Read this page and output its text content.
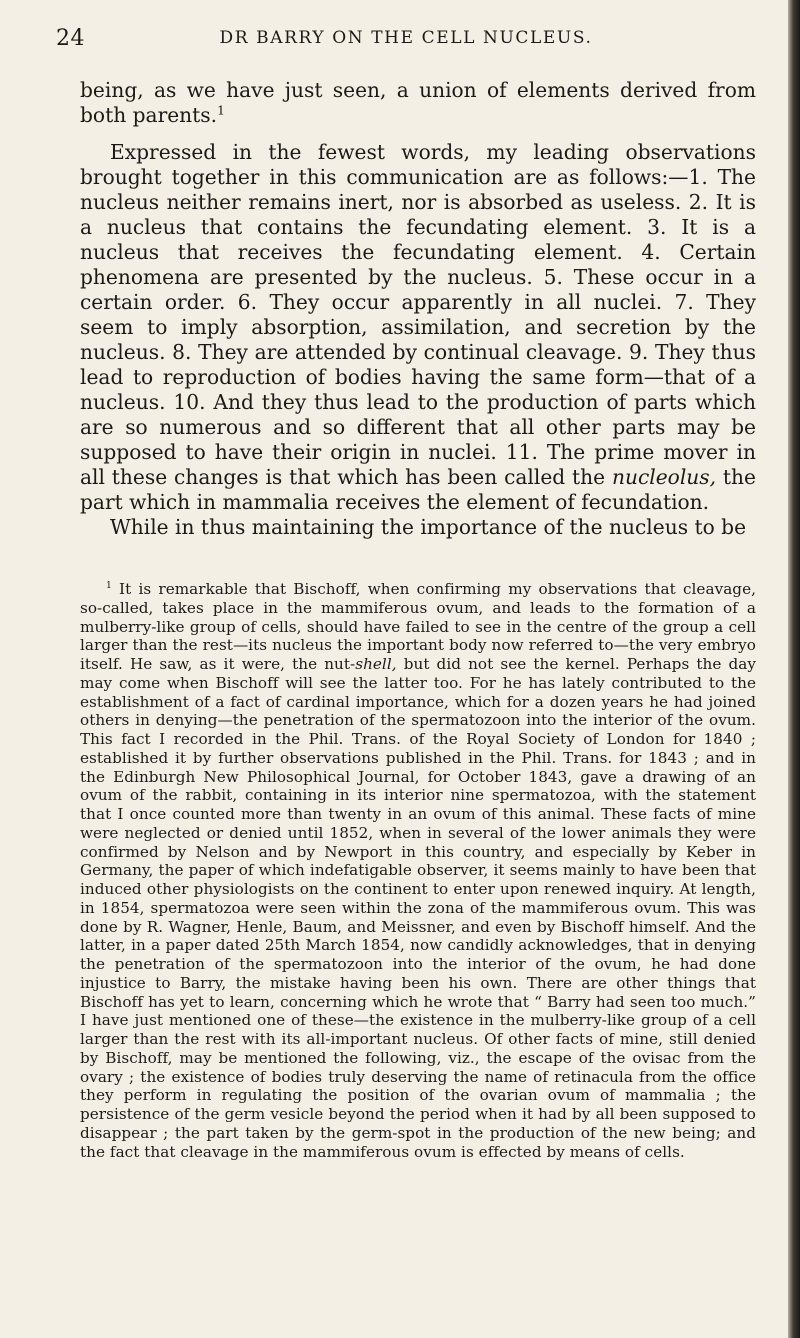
24	DR BARRY ON THE CELL NUCLEUS.

being, as we have just seen, a union of elements derived from both parents.$^1$

Expressed in the fewest words, my leading observations brought together in this communication are as follows:—1. The nucleus neither remains inert, nor is absorbed as useless. 2. It is a nucleus that contains the fecundating element. 3. It is a nucleus that receives the fecundating element. 4. Certain phenomena are presented by the nucleus. 5. These occur in a certain order. 6. They occur apparently in all nuclei. 7. They seem to imply absorption, assimilation, and secretion by the nucleus. 8. They are attended by continual cleavage. 9. They thus lead to reproduction of bodies having the same form—that of a nucleus. 10. And they thus lead to the production of parts which are so numerous and so different that all other parts may be supposed to have their origin in nuclei. 11. The prime mover in all these changes is that which has been called the nucleolus, the part which in mammalia receives the element of fecundation.

While in thus maintaining the importance of the nucleus to be

$^1$ It is remarkable that Bischoff, when confirming my observations that cleavage, so-called, takes place in the mammiferous ovum, and leads to the formation of a mulberry-like group of cells, should have failed to see in the centre of the group a cell larger than the rest—its nucleus the important body now referred to—the very embryo itself. He saw, as it were, the nut-shell, but did not see the kernel. Perhaps the day may come when Bischoff will see the latter too. For he has lately contributed to the establishment of a fact of cardinal importance, which for a dozen years he had joined others in denying—the penetration of the spermatozoon into the interior of the ovum. This fact I recorded in the Phil. Trans. of the Royal Society of London for 1840 ; established it by further observations published in the Phil. Trans. for 1843 ; and in the Edinburgh New Philosophical Journal, for October 1843, gave a drawing of an ovum of the rabbit, containing in its interior nine spermatozoa, with the statement that I once counted more than twenty in an ovum of this animal. These facts of mine were neglected or denied until 1852, when in several of the lower animals they were confirmed by Nelson and by Newport in this country, and especially by Keber in Germany, the paper of which indefatigable observer, it seems mainly to have been that induced other physiologists on the continent to enter upon renewed inquiry. At length, in 1854, spermatozoa were seen within the zona of the mammiferous ovum. This was done by R. Wagner, Henle, Baum, and Meissner, and even by Bischoff himself. And the latter, in a paper dated 25th March 1854, now candidly acknowledges, that in denying the penetration of the spermatozoon into the interior of the ovum, he had done injustice to Barry, the mistake having been his own. There are other things that Bischoff has yet to learn, concerning which he wrote that “ Barry had seen too much.” I have just mentioned one of these—the existence in the mulberry-like group of a cell larger than the rest with its all-important nucleus. Of other facts of mine, still denied by Bischoff, may be mentioned the following, viz., the escape of the ovisac from the ovary ; the existence of bodies truly deserving the name of retinacula from the office they perform in regulating the position of the ovarian ovum of mammalia ; the persistence of the germ vesicle beyond the period when it had by all been supposed to disappear ; the part taken by the germ-spot in the production of the new being; and the fact that cleavage in the mammiferous ovum is effected by means of cells.
